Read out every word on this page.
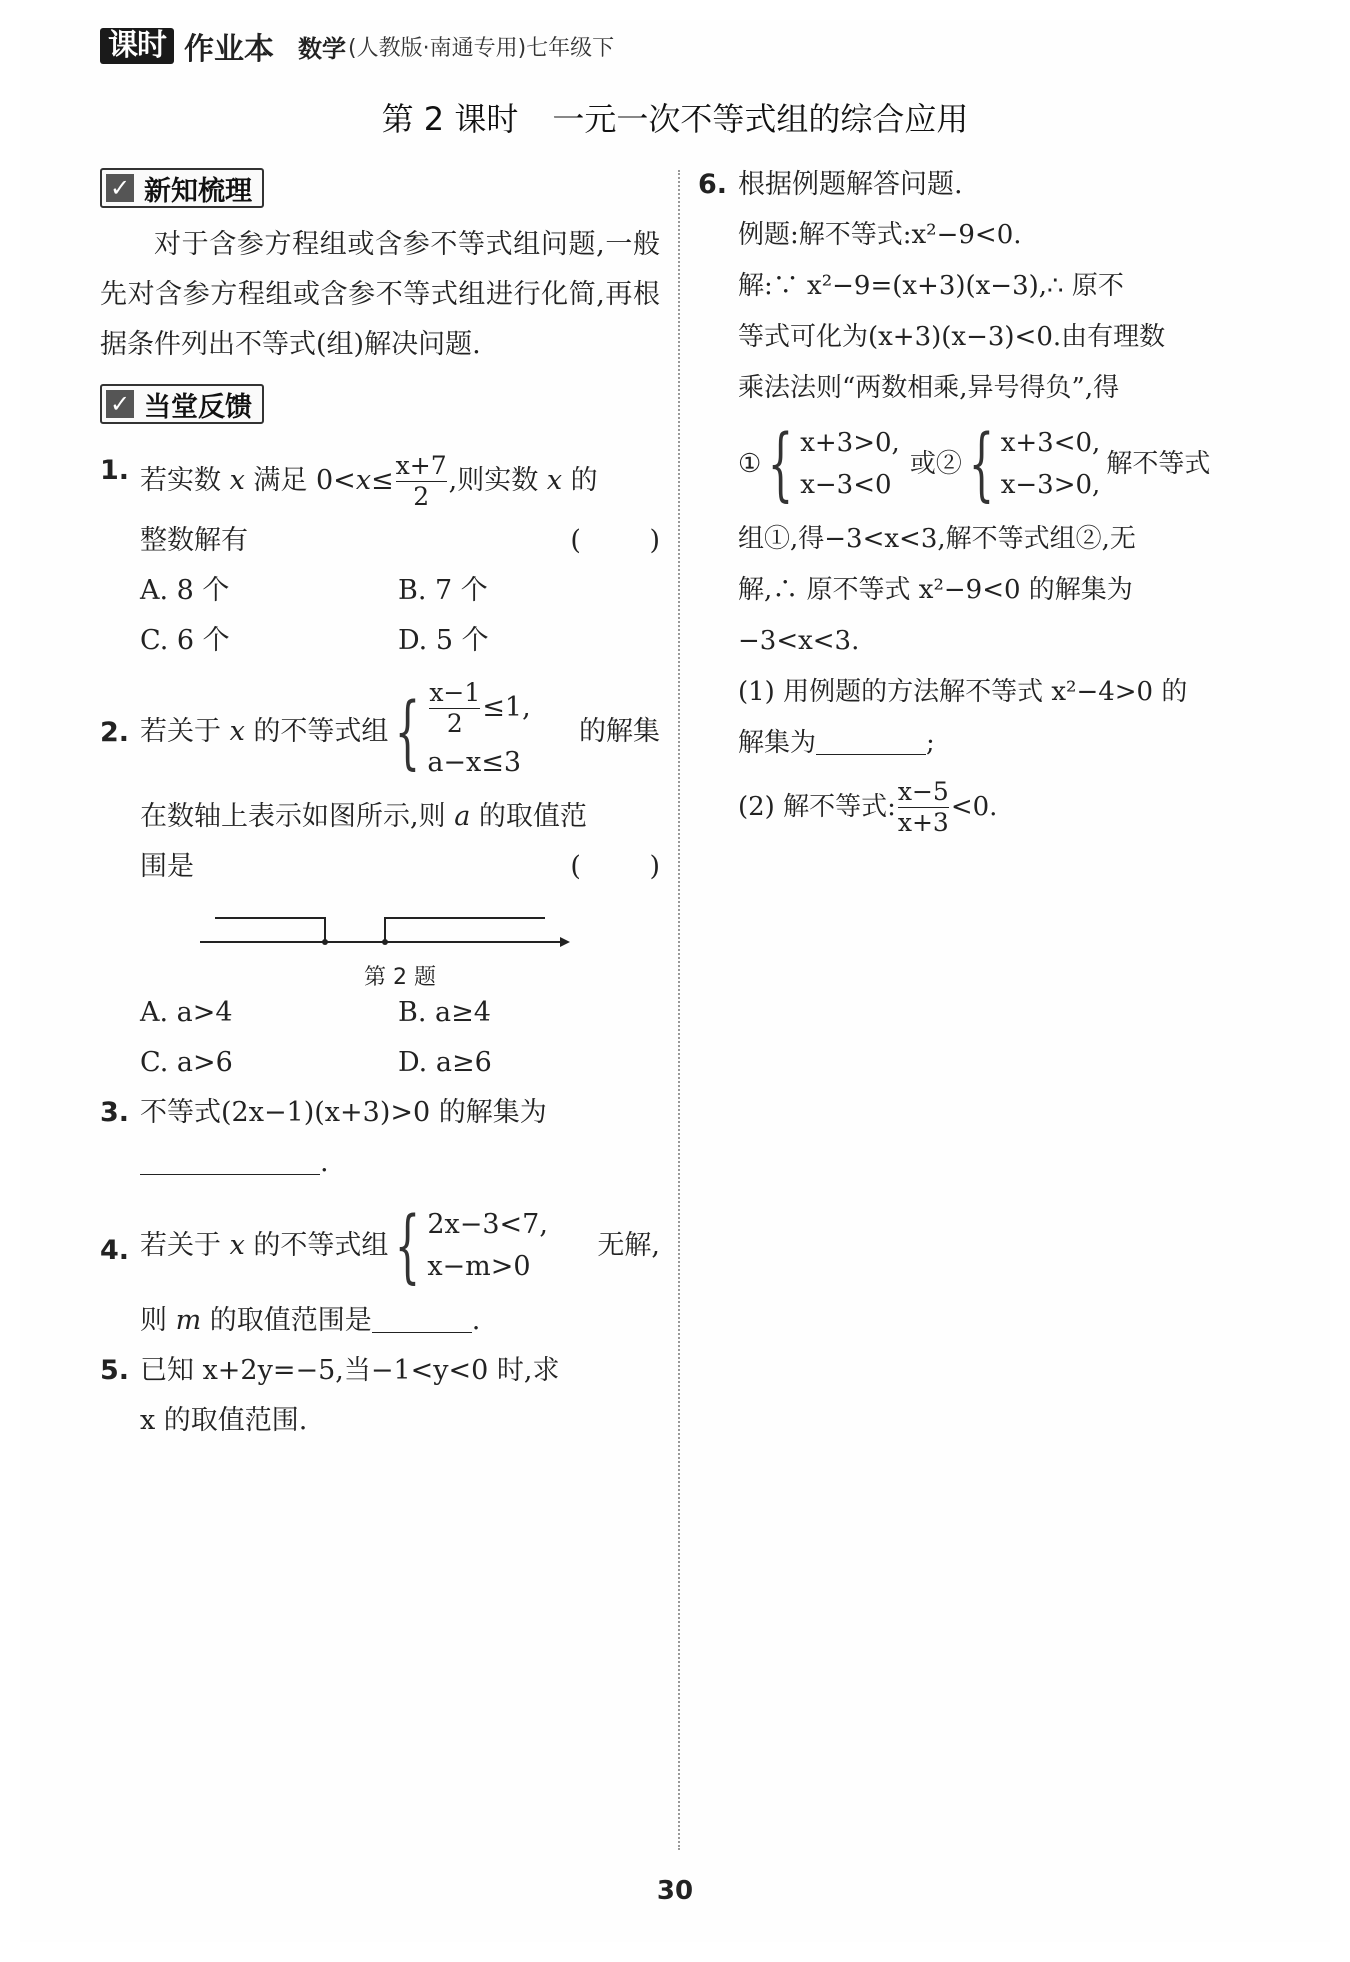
课时 作业本 数学 (人教版·南通专用)七年级下
第 2 课时 一元一次不等式组的综合应用
✓ 新知梳理

对于含参方程组或含参不等式组问题,一般先对含参方程组或含参不等式组进行化简,再根据条件列出不等式(组)解决问题.

✓ 当堂反馈
1. 若实数 x 满足 $0<x\le \frac{x+7}{2}$ ,则实数 x 的
整数解有	( )
A. 8 个	B. 7 个
C. 6 个	D. 5 个
2. 若关于
x
的不等式组 { $\frac{x-1}{2} \le 1$,
a−x≤3
的解集
在数轴上表示如图所示,则 a 的取值范
围是	( )
第 2 题
A. a>4	B. a≥4
C. a>6	D. a≥6
3. 不等式(2x−1)(x+3)>0 的解集为
.
4. 若关于
x
的不等式组 { 2x−3<7,
x−m>0
无解,
则 m 的取值范围是	.
5. 已知 x+2y=−5,当−1<y<0 时,求
x 的取值范围.
6. 根据例题解答问题.
例题:解不等式:x²−9<0.
解:∵ x²−9=(x+3)(x−3),∴ 原不
等式可化为(x+3)(x−3)<0.由有理数
乘法法则“两数相乘,异号得负”,得
① { x+3>0,
x−3<0
或② { x+3<0,
x−3>0,
解不等式
组①,得−3<x<3,解不等式组②,无
解,∴ 原不等式 x²−9<0 的解集为
−3<x<3.
(1) 用例题的方法解不等式 x²−4>0 的
解集为	;
(2) 解不等式: $\frac{x-5}{x+3} <0$.
30
